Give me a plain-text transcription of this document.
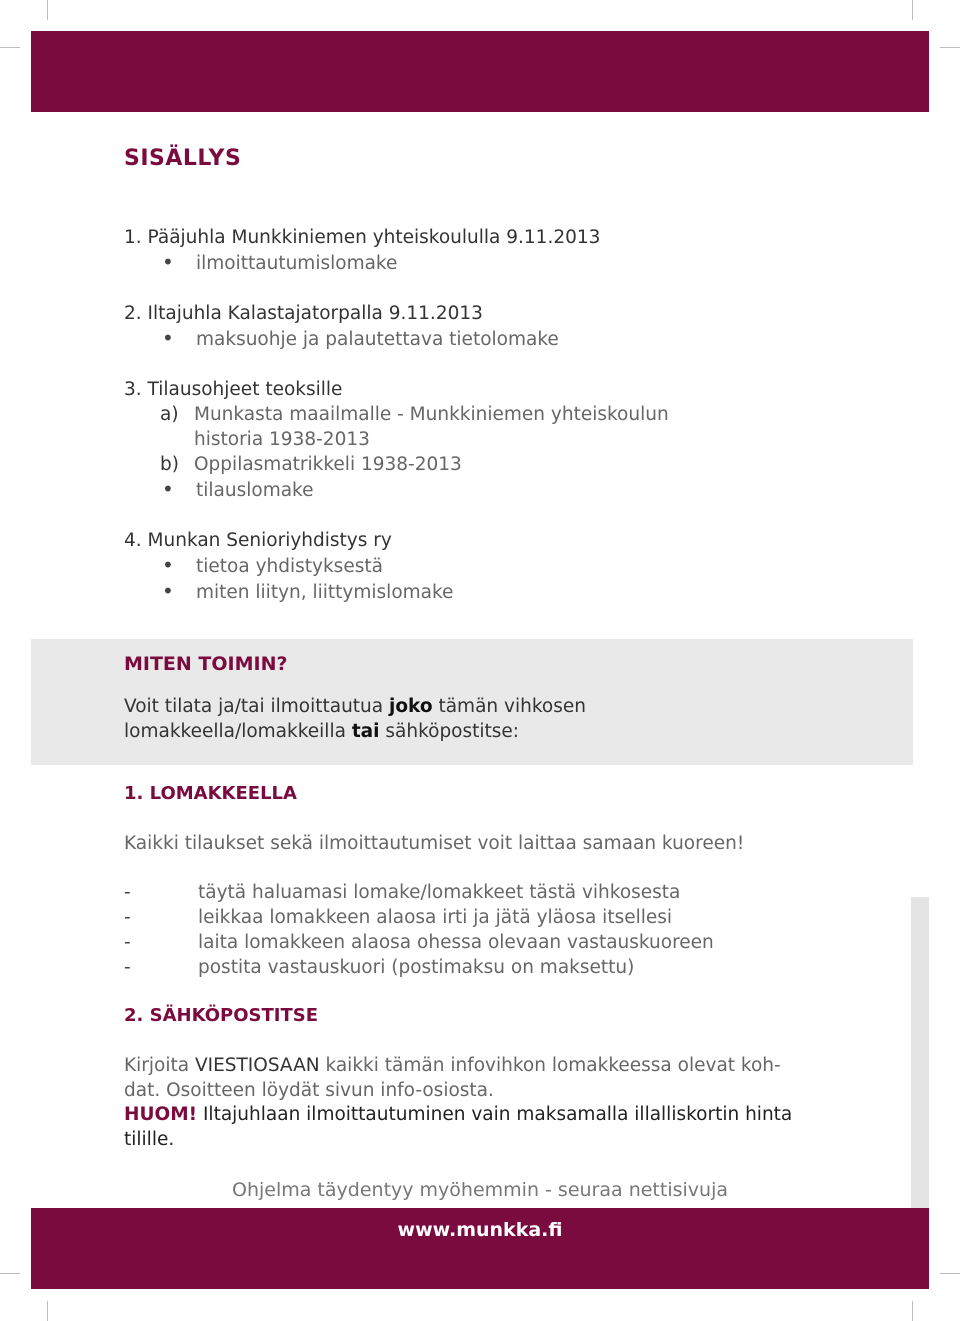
SISÄLLYS
1. Pääjuhla Munkkiniemen yhteiskoululla 9.11.2013
•	ilmoittautumislomake
2. Iltajuhla Kalastajatorpalla 9.11.2013
•	maksuohje ja palautettava tietolomake
3. Tilausohjeet teoksille
a) Munkasta maailmalle - Munkkiniemen yhteiskoulun
historia 1938-2013
b) Oppilasmatrikkeli 1938-2013
•	tilauslomake
4. Munkan Senioriyhdistys ry
•	tietoa yhdistyksestä
•	miten liityn, liittymislomake
MITEN TOIMIN?
Voit tilata ja/tai ilmoittautua joko tämän vihkosen
lomakkeella/lomakkeilla tai sähköpostitse:
1. LOMAKKEELLA
Kaikki tilaukset sekä ilmoittautumiset voit laittaa samaan kuoreen!
-	täytä haluamasi lomake/lomakkeet tästä vihkosesta
-	leikkaa lomakkeen alaosa irti ja jätä yläosa itsellesi
-	laita lomakkeen alaosa ohessa olevaan vastauskuoreen
-	postita vastauskuori (postimaksu on maksettu)
2. SÄHKÖPOSTITSE
Kirjoita VIESTIOSAAN kaikki tämän infovihkon lomakkeessa olevat koh-
dat. Osoitteen löydät sivun info-osiosta.
HUOM! Iltajuhlaan ilmoittautuminen vain maksamalla illalliskortin hinta
tilille.
Ohjelma täydentyy myöhemmin - seuraa nettisivuja
www.munkka.fi
